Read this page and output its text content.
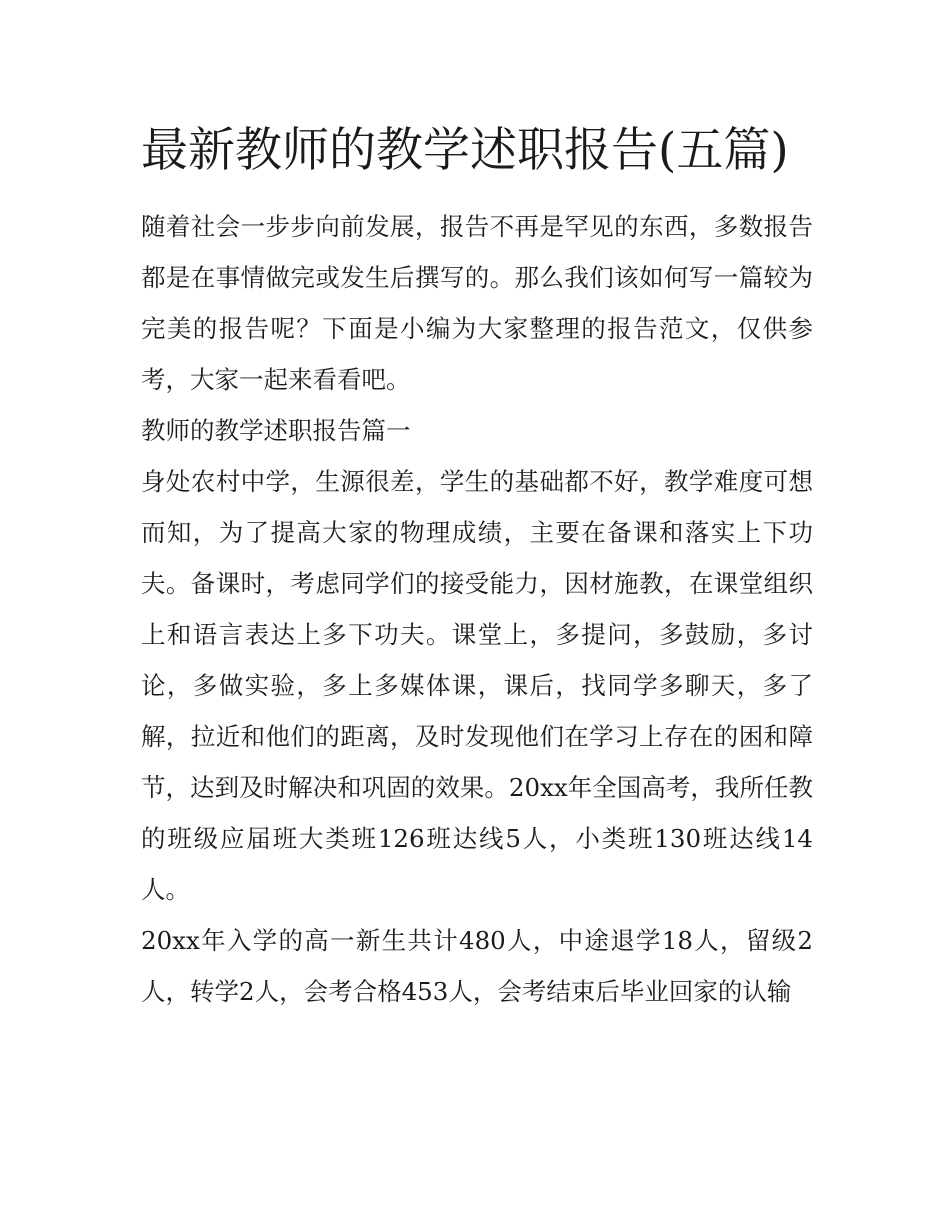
最新教师的教学述职报告(五篇)

随着社会一步步向前发展，报告不再是罕见的东西，多数报告都是在事情做完或发生后撰写的。那么我们该如何写一篇较为完美的报告呢？下面是小编为大家整理的报告范文，仅供参考，大家一起来看看吧。

教师的教学述职报告篇一

身处农村中学，生源很差，学生的基础都不好，教学难度可想而知，为了提高大家的物理成绩，主要在备课和落实上下功夫。备课时，考虑同学们的接受能力，因材施教，在课堂组织上和语言表达上多下功夫。课堂上，多提问，多鼓励，多讨论，多做实验，多上多媒体课，课后，找同学多聊天，多了解，拉近和他们的距离，及时发现他们在学习上存在的困和障节，达到及时解决和巩固的效果。20xx年全国高考，我所任教的班级应届班大类班126班达线5人，小类班130班达线14人。

20xx年入学的高一新生共计480人，中途退学18人，留级2人，转学2人，会考合格453人，会考结束后毕业回家的认输
